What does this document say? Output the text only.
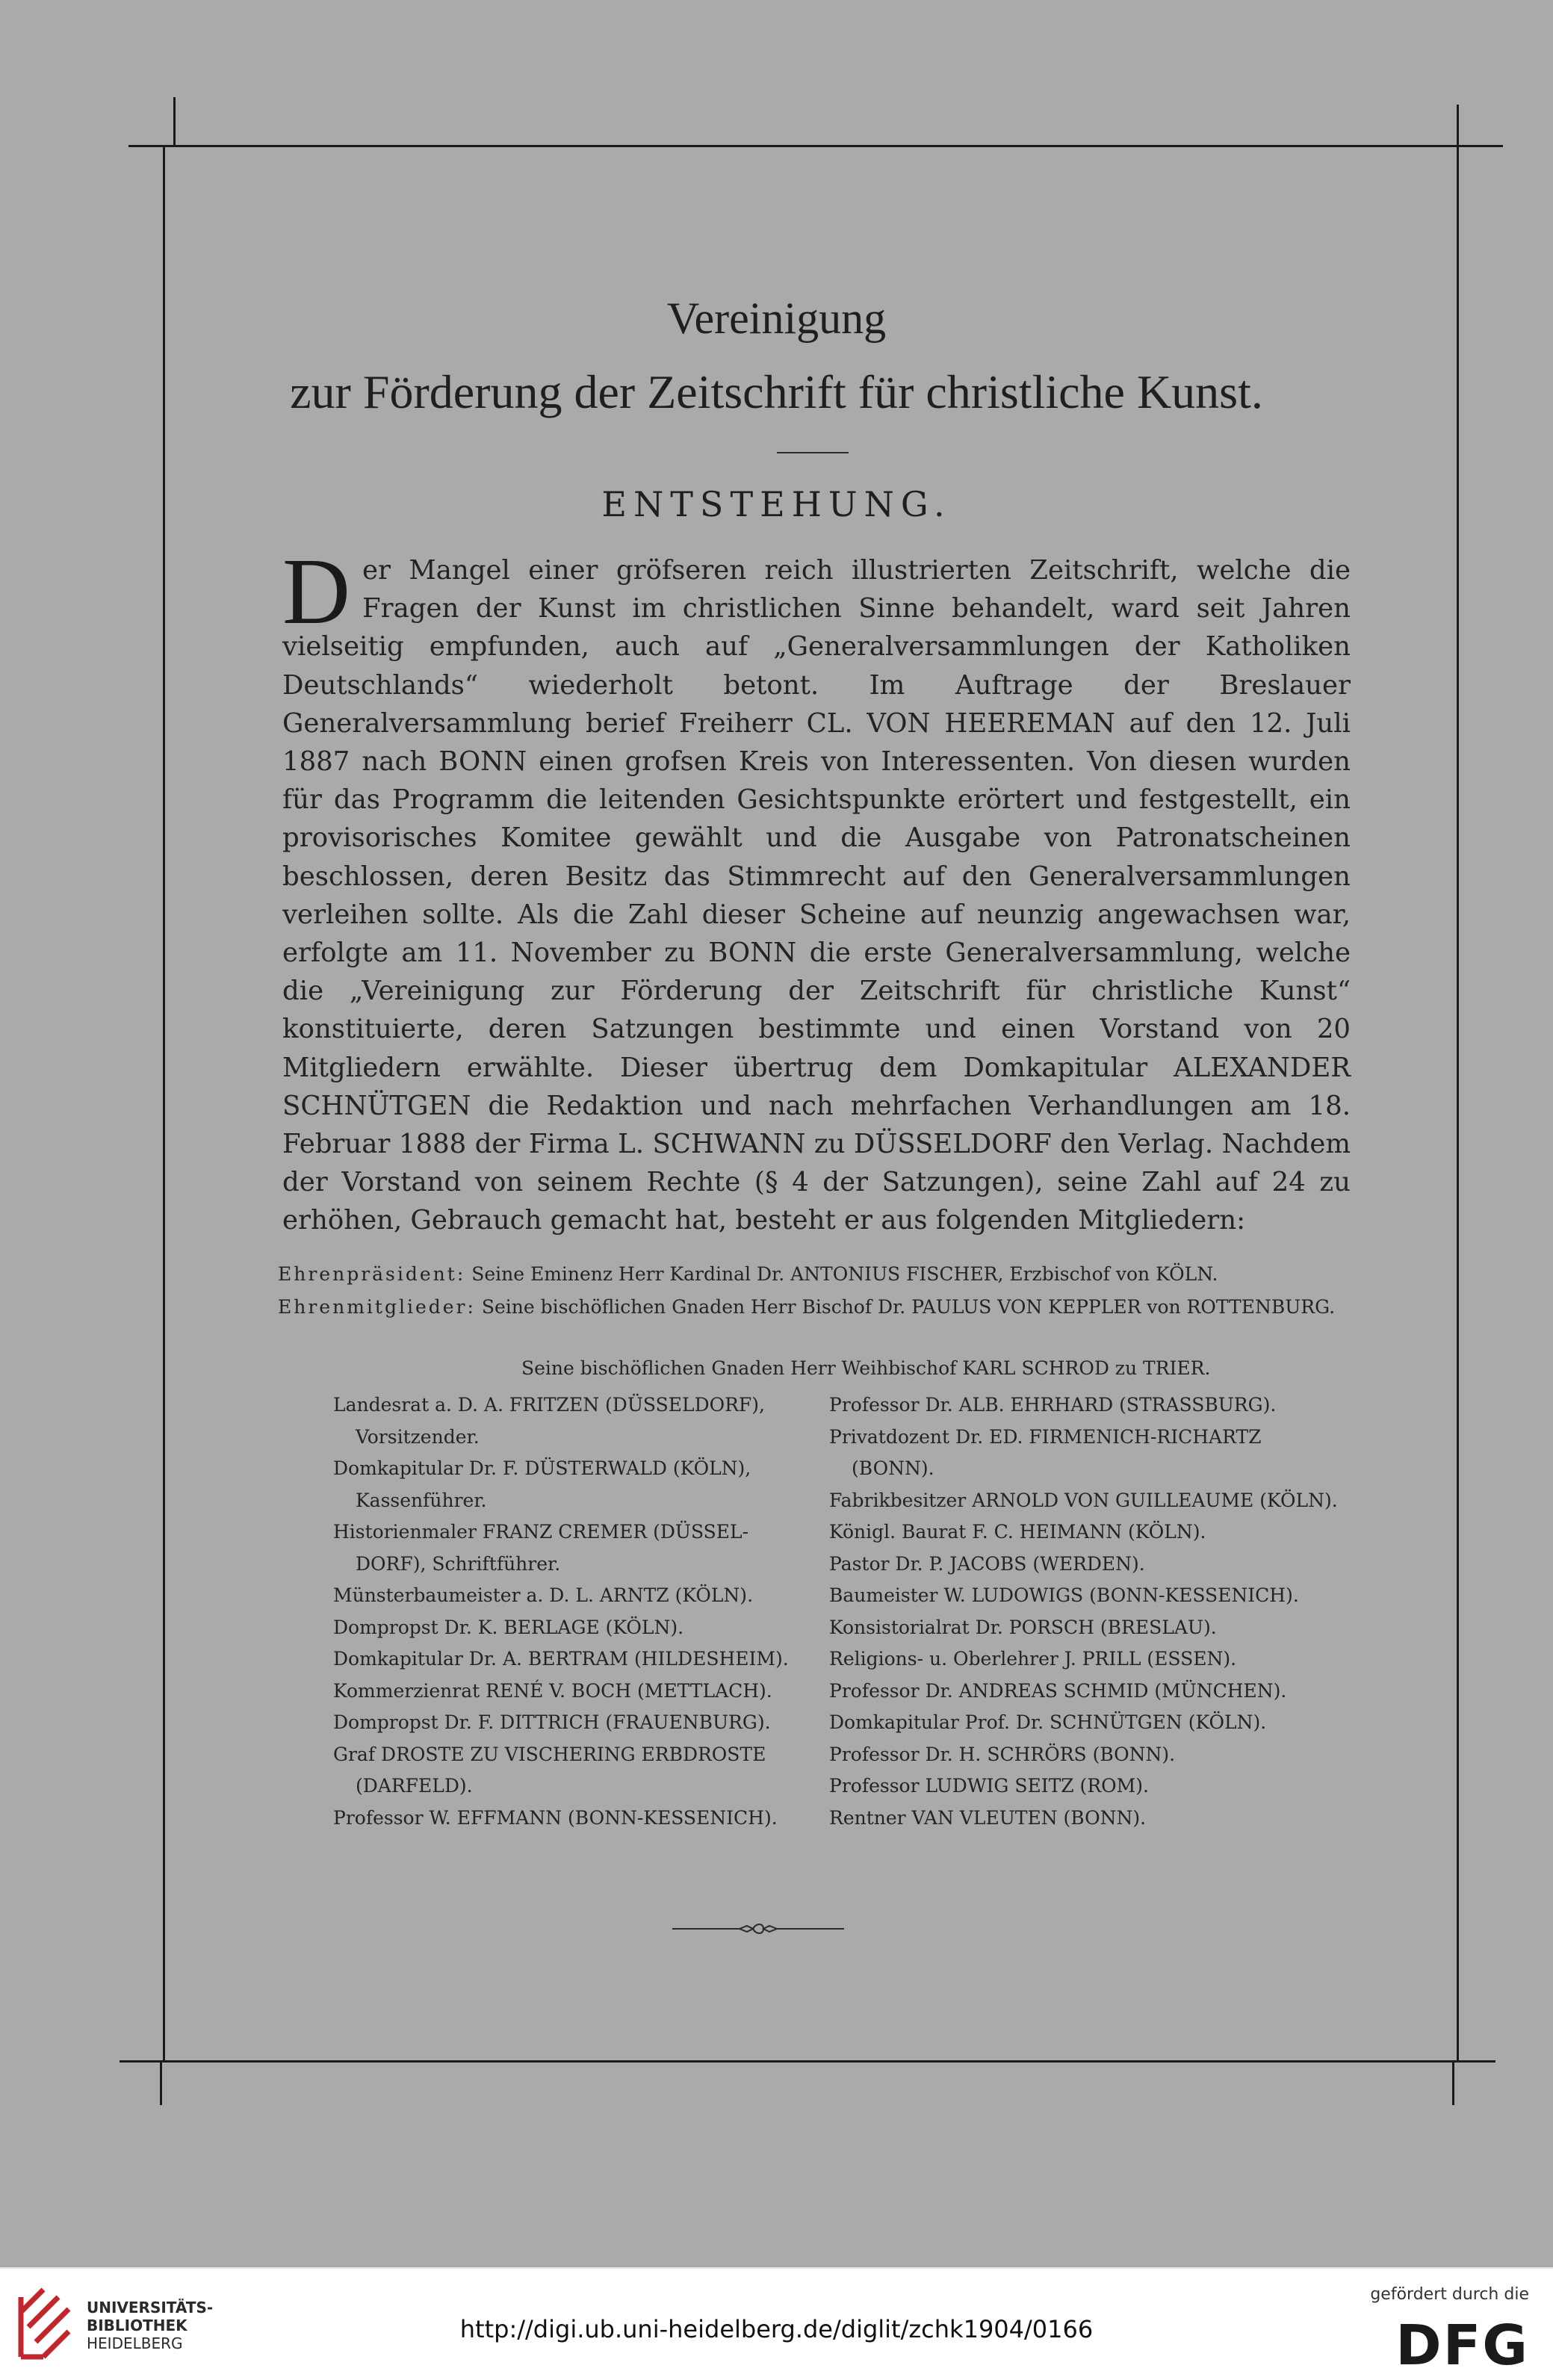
Vereinigung
zur Förderung der Zeitschrift für christliche Kunst.
ENTSTEHUNG.
Der Mangel einer gröfseren reich illustrierten Zeitschrift, welche die Fragen der Kunst im christlichen Sinne behandelt, ward seit Jahren vielseitig empfunden, auch auf „Generalversammlungen der Katholiken Deutschlands“ wiederholt betont. Im Auftrage der Breslauer Generalversammlung berief Freiherr CL. VON HEEREMAN auf den 12. Juli 1887 nach BONN einen grofsen Kreis von Interessenten. Von diesen wurden für das Programm die leitenden Gesichtspunkte erörtert und festgestellt, ein provisorisches Komitee gewählt und die Ausgabe von Patronatscheinen beschlossen, deren Besitz das Stimmrecht auf den Generalversammlungen verleihen sollte. Als die Zahl dieser Scheine auf neunzig angewachsen war, erfolgte am 11. November zu BONN die erste Generalversammlung, welche die „Vereinigung zur Förderung der Zeitschrift für christliche Kunst“ konstituierte, deren Satzungen bestimmte und einen Vorstand von 20 Mitgliedern erwählte. Dieser übertrug dem Domkapitular ALEXANDER SCHNÜTGEN die Redaktion und nach mehrfachen Verhandlungen am 18. Februar 1888 der Firma L. SCHWANN zu DÜSSELDORF den Verlag. Nachdem der Vorstand von seinem Rechte (§ 4 der Satzungen), seine Zahl auf 24 zu erhöhen, Gebrauch gemacht hat, besteht er aus folgenden Mitgliedern:
Ehrenpräsident: Seine Eminenz Herr Kardinal Dr. ANTONIUS FISCHER, Erzbischof von KÖLN.
Ehrenmitglieder: Seine bischöflichen Gnaden Herr Bischof Dr. PAULUS VON KEPPLER von ROTTENBURG.
Seine bischöflichen Gnaden Herr Weihbischof KARL SCHROD zu TRIER.
Landesrat a. D. A. FRITZEN (DÜSSELDORF),
Vorsitzender.
Domkapitular Dr. F. DÜSTERWALD (KÖLN),
Kassenführer.
Historienmaler FRANZ CREMER (DÜSSEL-
DORF), Schriftführer.
Münsterbaumeister a. D. L. ARNTZ (KÖLN).
Dompropst Dr. K. BERLAGE (KÖLN).
Domkapitular Dr. A. BERTRAM (HILDESHEIM).
Kommerzienrat RENÉ V. BOCH (METTLACH).
Dompropst Dr. F. DITTRICH (FRAUENBURG).
Graf DROSTE ZU VISCHERING ERBDROSTE
(DARFELD).
Professor W. EFFMANN (BONN-KESSENICH).
Professor Dr. ALB. EHRHARD (STRASSBURG).
Privatdozent Dr. ED. FIRMENICH-RICHARTZ
(BONN).
Fabrikbesitzer ARNOLD VON GUILLEAUME (KÖLN).
Königl. Baurat F. C. HEIMANN (KÖLN).
Pastor Dr. P. JACOBS (WERDEN).
Baumeister W. LUDOWIGS (BONN-KESSENICH).
Konsistorialrat Dr. PORSCH (BRESLAU).
Religions- u. Oberlehrer J. PRILL (ESSEN).
Professor Dr. ANDREAS SCHMID (MÜNCHEN).
Domkapitular Prof. Dr. SCHNÜTGEN (KÖLN).
Professor Dr. H. SCHRÖRS (BONN).
Professor LUDWIG SEITZ (ROM).
Rentner VAN VLEUTEN (BONN).
UNIVERSITÄTS-
BIBLIOTHEK
HEIDELBERG	http://digi.ub.uni-heidelberg.de/diglit/zchk1904/0166
gefördert durch die
DFG
